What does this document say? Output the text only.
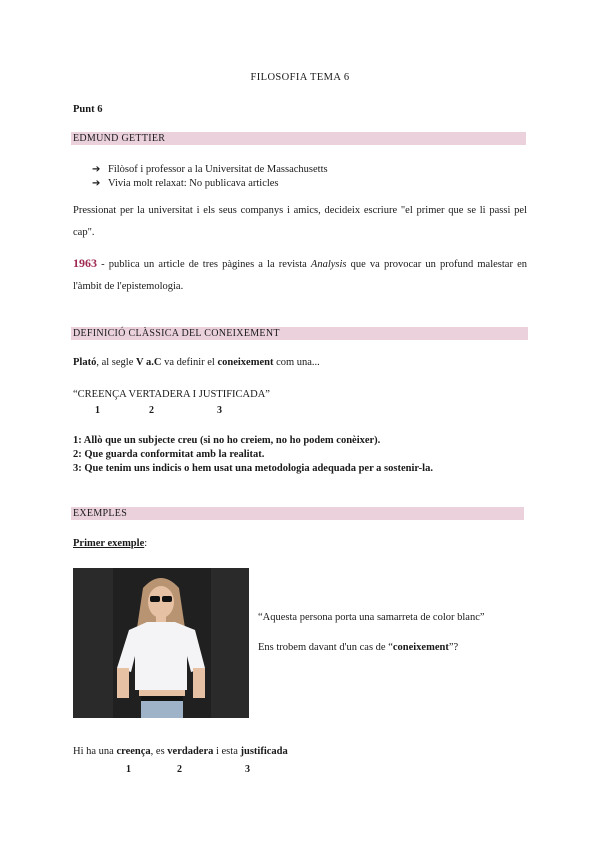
FILOSOFIA TEMA 6
Punt 6
EDMUND GETTIER
➔ Filòsof i professor a la Universitat de Massachusetts
➔ Vivia molt relaxat: No publicava articles
Pressionat per la universitat i els seus companys i amics, decideix escriure "el primer que se li passi pel cap".
1963 - publica un article de tres pàgines a la revista Analysis que va provocar un profund malestar en l'àmbit de l'epistemologia.
DEFINICIÓ CLÀSSICA DEL CONEIXEMENT
Plató, al segle V a.C va definir el coneixement com una...
“CREENÇA VERTADERA I JUSTIFICADA”
1	2	3
1: Allò que un subjecte creu (si no ho creiem, no ho podem conèixer).
2: Que guarda conformitat amb la realitat.
3: Que tenim uns indicis o hem usat una metodologia adequada per a sostenir-la.
EXEMPLES
Primer exemple:
“Aquesta persona porta una samarreta de color blanc”
Ens trobem davant d'un cas de “coneixement”?
Hi ha una creença, es verdadera i esta justificada
1	2	3
